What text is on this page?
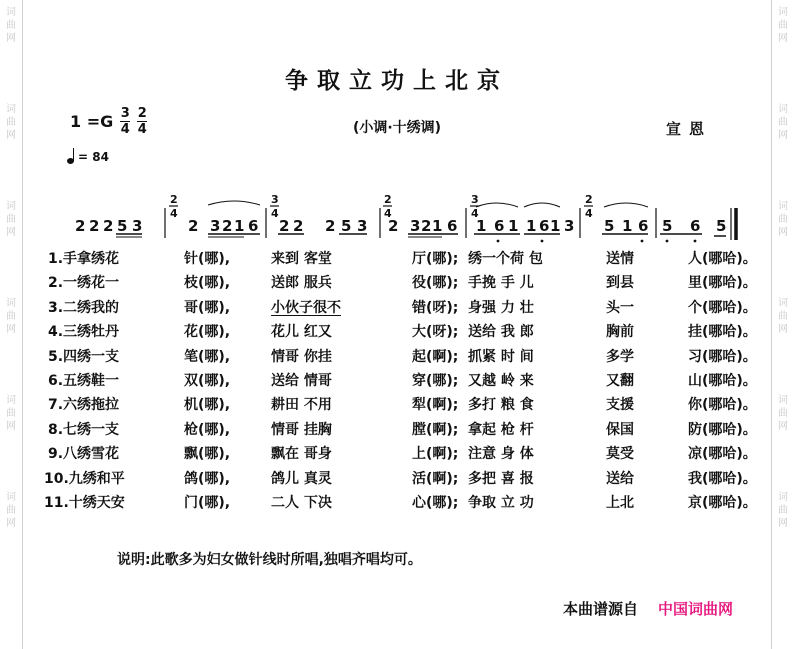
词
曲
网
词
曲
网
词
曲
网
词
曲
网
词
曲
网
词
曲
网
词
曲
网
词
曲
网
词
曲
网
词
曲
网
词
曲
网
词
曲
网
争取立功上北京
(小调·十绣调)	宣恩
$1 =G \frac{3}{4} \frac{2}{4}$
= 84
2 2 2 5 3
2
4
2 3 2 1 6
3
4
2 2 2 5 3
2
4
2 3 2 1 6
3
4
1 6 1 1 6 1 3
2
4
5 1 6 5 6 5
1.手拿绣花	针(哪),	来到 客堂	厅(哪); 绣一个荷 包	送情	人(哪哈)。
2.一绣花一	枝(哪),	送郎 服兵	役(哪); 手挽 手 儿	到县	里(哪哈)。
3.二绣我的	哥(哪),	小伙子很不	错(呀); 身强 力 壮	头一	个(哪哈)。
4.三绣牡丹	花(哪),	花儿 红又	大(呀); 送给 我 郎	胸前	挂(哪哈)。
5.四绣一支	笔(哪),	情哥 你挂	起(啊); 抓紧 时 间	多学	习(哪哈)。
6.五绣鞋一	双(哪),	送给 情哥	穿(哪); 又越 岭 来	又翻	山(哪哈)。
7.六绣拖拉	机(哪),	耕田 不用	犁(啊); 多打 粮 食	支援	你(哪哈)。
8.七绣一支	枪(哪),	情哥 挂胸	膛(啊); 拿起 枪 杆	保国	防(哪哈)。
9.八绣雪花	飘(哪),	飘在 哥身	上(啊); 注意 身 体	莫受	凉(哪哈)。
10.九绣和平	鸽(哪),	鸽儿 真灵	活(啊); 多把 喜 报	送给	我(哪哈)。
11.十绣天安	门(哪),	二人 下决	心(哪); 争取 立 功	上北	京(哪哈)。
说明:此歌多为妇女做针线时所唱,独唱齐唱均可。
本曲谱源自 中国词曲网
